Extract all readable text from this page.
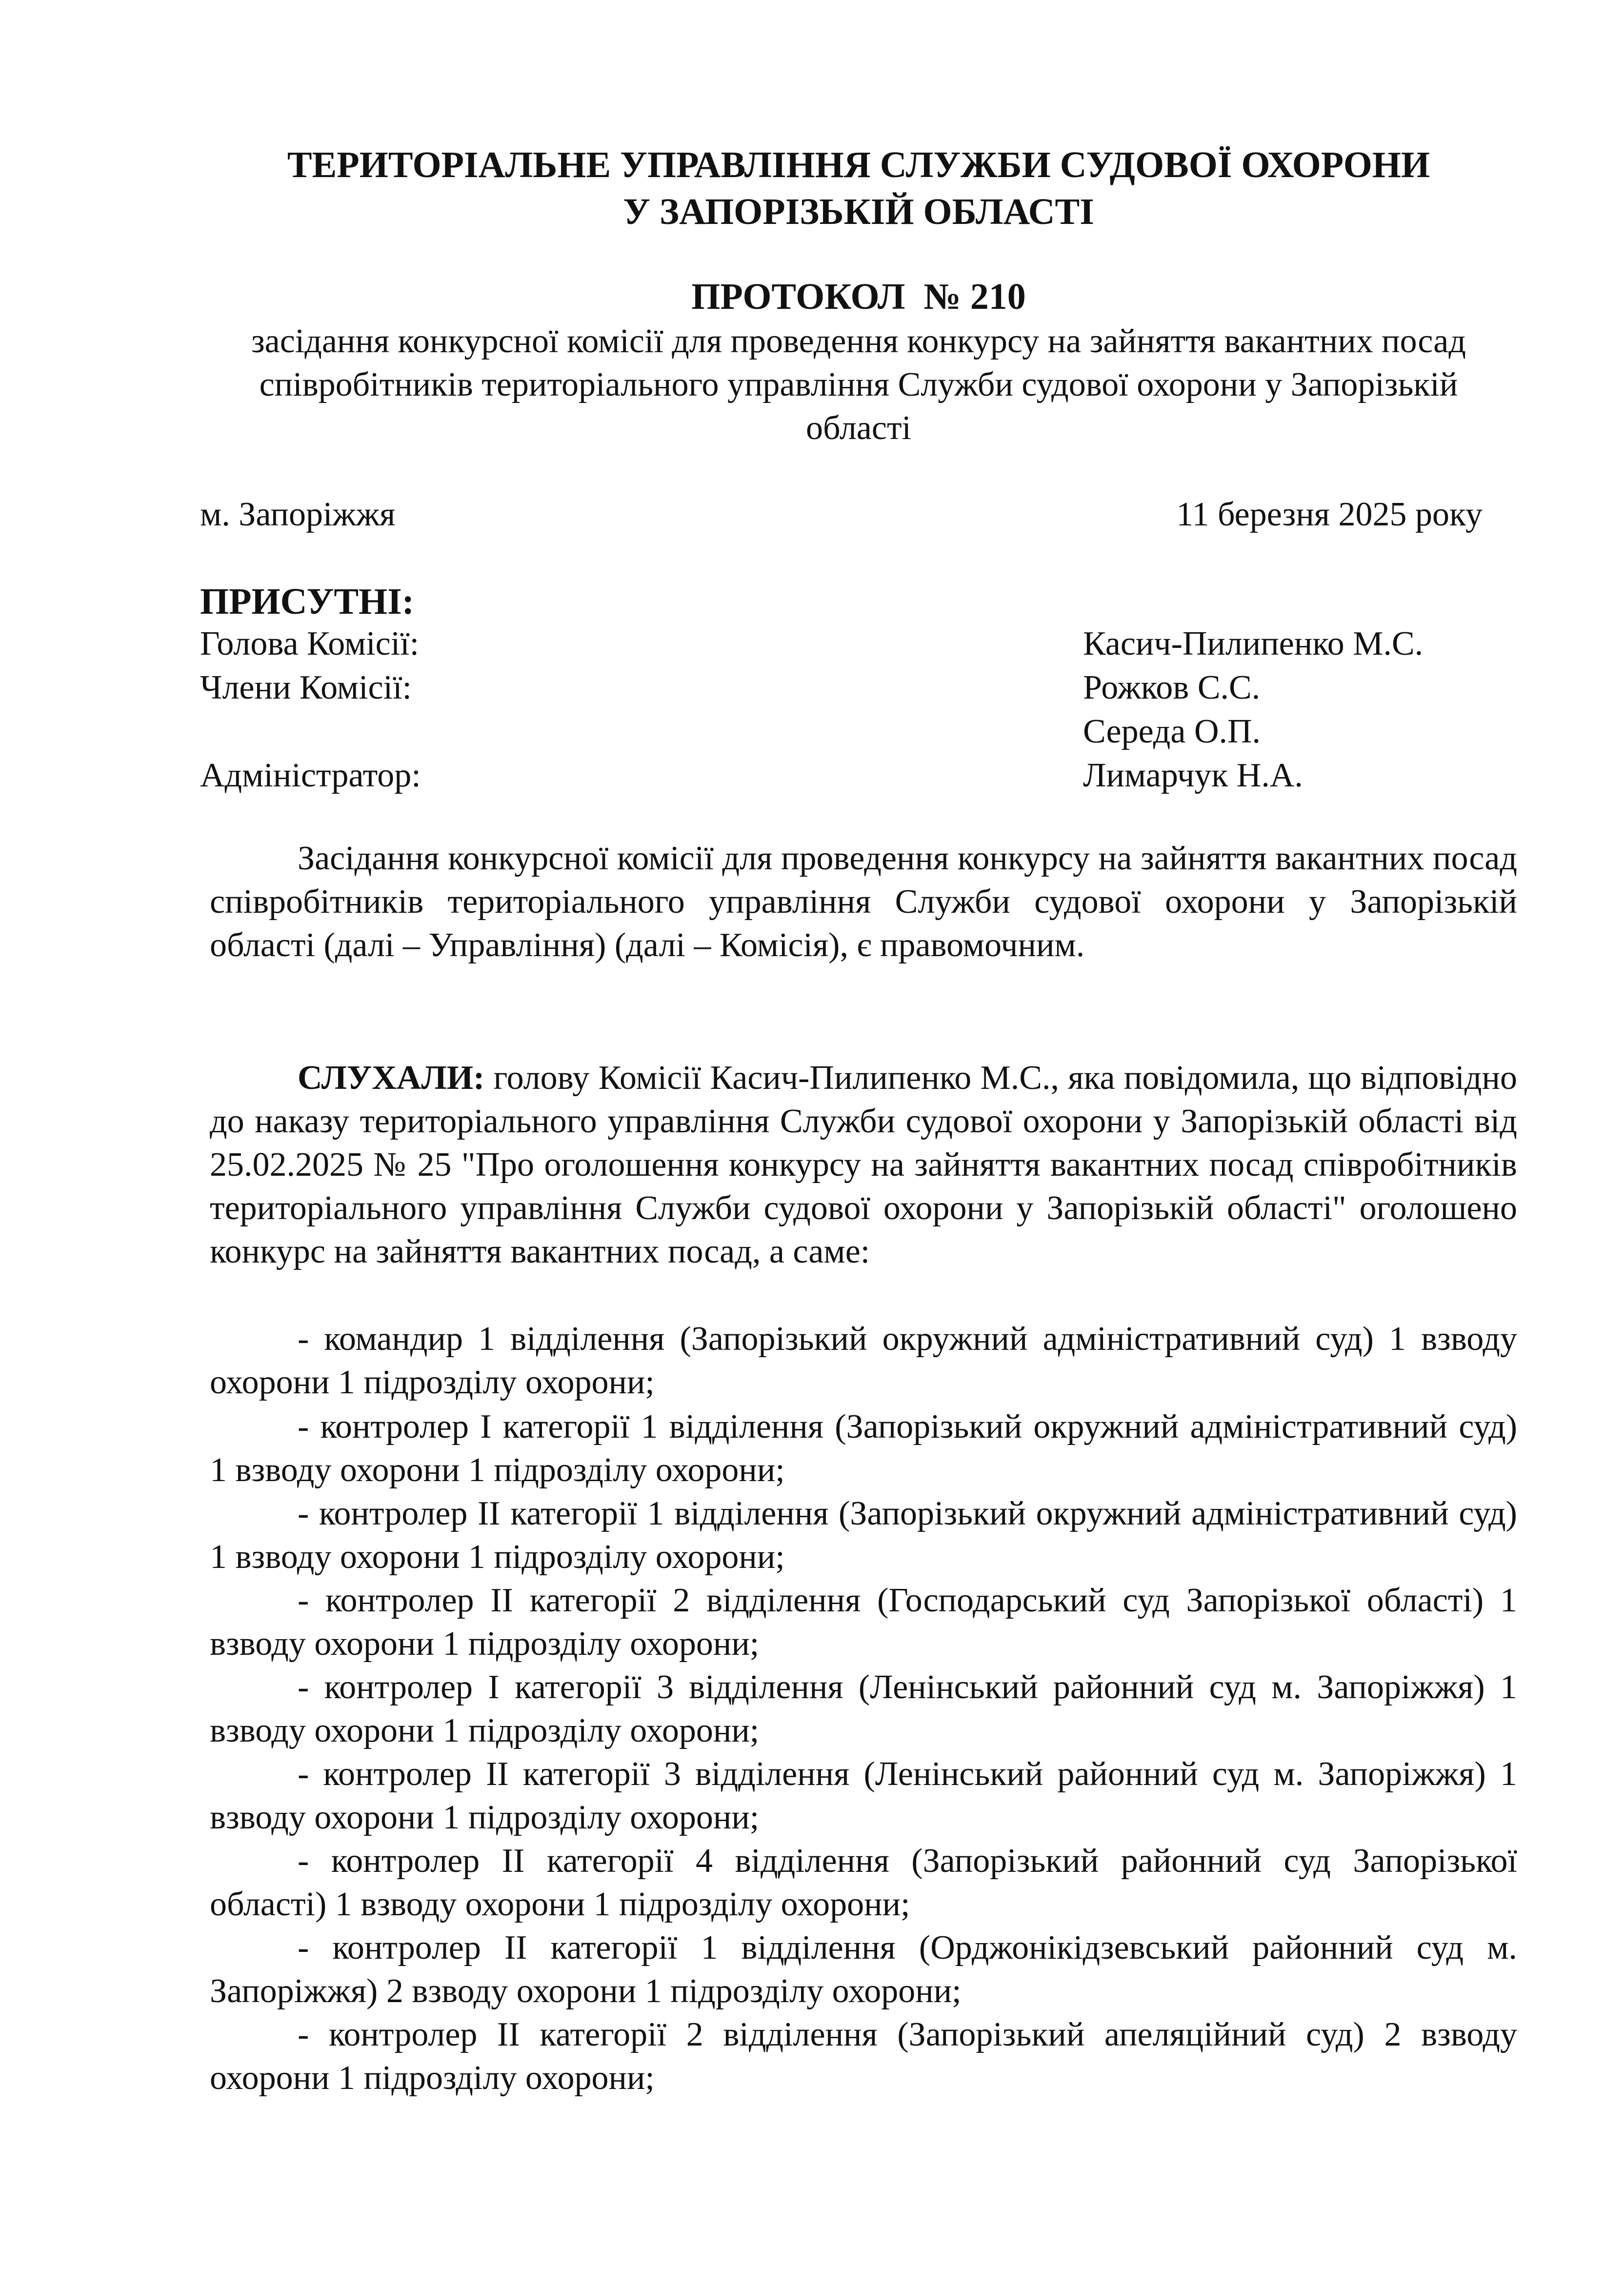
ТЕРИТОРІАЛЬНЕ УПРАВЛІННЯ СЛУЖБИ СУДОВОЇ ОХОРОНИ
У ЗАПОРІЗЬКІЙ ОБЛАСТІ
ПРОТОКОЛ  № 210
засідання конкурсної комісії для проведення конкурсу на зайняття вакантних посад співробітників територіального управління Служби судової охорони у Запорізькій області
м. Запоріжжя	11 березня 2025 року
ПРИСУТНІ:
Голова Комісії:	Касич-Пилипенко М.С.
Члени Комісії:	Рожков С.С.
Середа О.П.
Адміністратор:	Лимарчук Н.А.
Засідання конкурсної комісії для проведення конкурсу на зайняття вакантних посад співробітників територіального управління Служби судової охорони у Запорізькій області (далі – Управління) (далі – Комісія), є правомочним.
СЛУХАЛИ: голову Комісії Касич-Пилипенко М.С., яка повідомила, що відповідно до наказу територіального управління Служби судової охорони у Запорізькій області від 25.02.2025 № 25 "Про оголошення конкурсу на зайняття вакантних посад співробітників територіального управління Служби судової охорони у Запорізькій області" оголошено конкурс на зайняття вакантних посад, а саме:
- командир 1 відділення (Запорізький окружний адміністративний суд) 1 взводу охорони 1 підрозділу охорони;
- контролер І категорії 1 відділення (Запорізький окружний адміністративний суд) 1 взводу охорони 1 підрозділу охорони;
- контролер ІІ категорії 1 відділення (Запорізький окружний адміністративний суд) 1 взводу охорони 1 підрозділу охорони;
- контролер ІІ категорії 2 відділення (Господарський суд Запорізької області) 1 взводу охорони 1 підрозділу охорони;
- контролер І категорії 3 відділення (Ленінський районний суд м. Запоріжжя) 1 взводу охорони 1 підрозділу охорони;
- контролер ІІ категорії 3 відділення (Ленінський районний суд м. Запоріжжя) 1 взводу охорони 1 підрозділу охорони;
- контролер ІІ категорії 4 відділення (Запорізький районний суд Запорізької області) 1 взводу охорони 1 підрозділу охорони;
- контролер ІІ категорії 1 відділення (Орджонікідзевський районний суд м. Запоріжжя) 2 взводу охорони 1 підрозділу охорони;
- контролер ІІ категорії 2 відділення (Запорізький апеляційний суд) 2 взводу охорони 1 підрозділу охорони;
